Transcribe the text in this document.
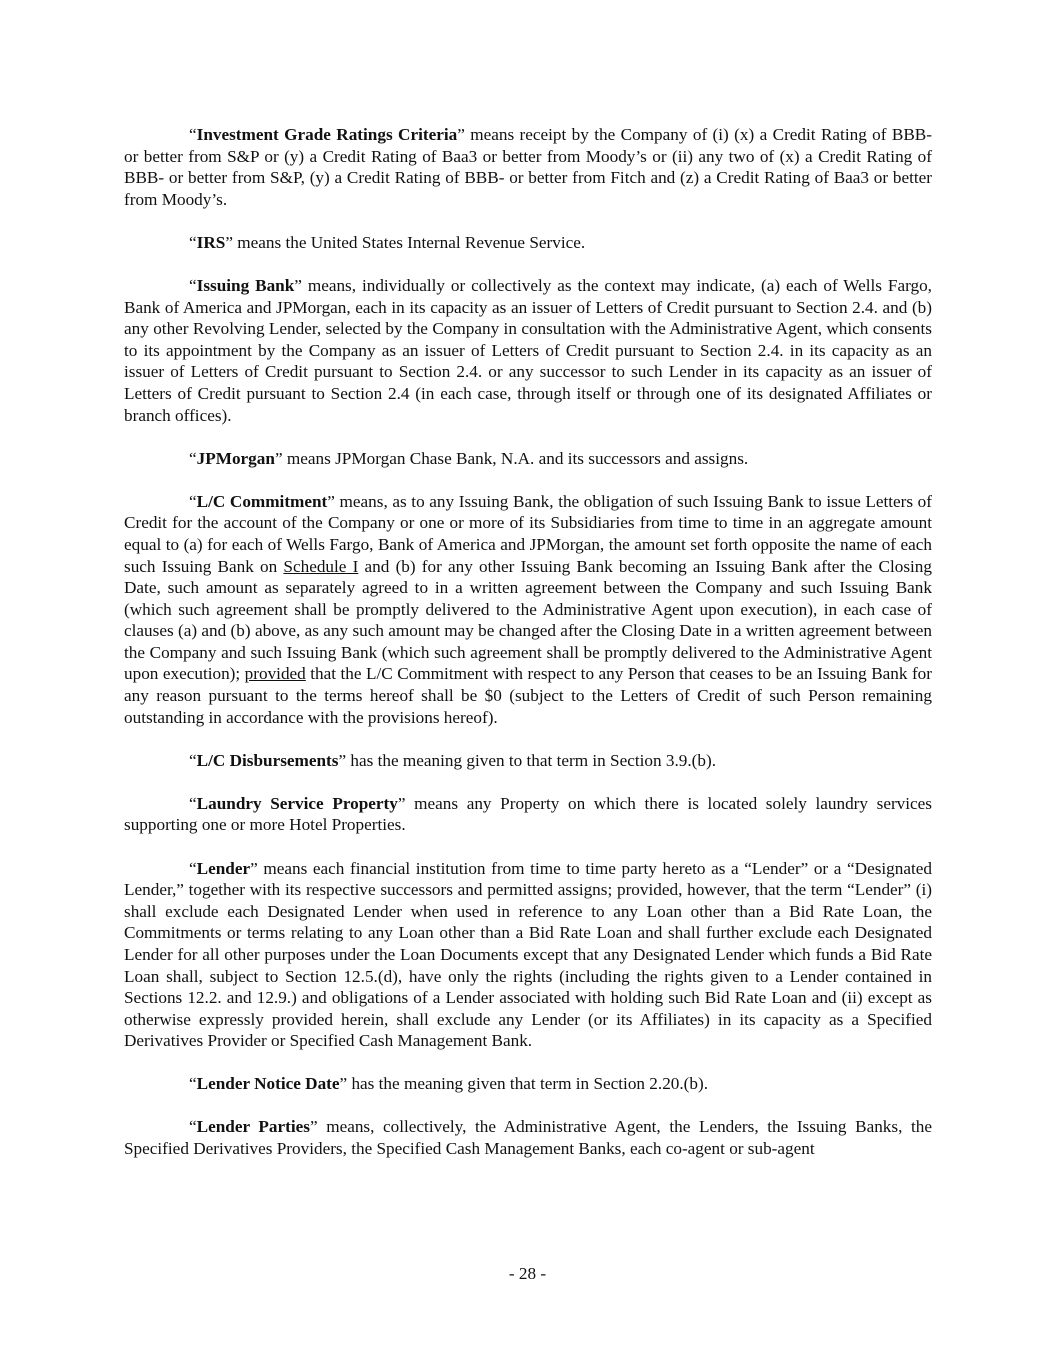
“Investment Grade Ratings Criteria” means receipt by the Company of (i) (x) a Credit Rating of BBB- or better from S&P or (y) a Credit Rating of Baa3 or better from Moody’s or (ii) any two of (x) a Credit Rating of BBB- or better from S&P, (y) a Credit Rating of BBB- or better from Fitch and (z) a Credit Rating of Baa3 or better from Moody’s.

“IRS” means the United States Internal Revenue Service.

“Issuing Bank” means, individually or collectively as the context may indicate, (a) each of Wells Fargo, Bank of America and JPMorgan, each in its capacity as an issuer of Letters of Credit pursuant to Section 2.4. and (b) any other Revolving Lender, selected by the Company in consultation with the Administrative Agent, which consents to its appointment by the Company as an issuer of Letters of Credit pursuant to Section 2.4. in its capacity as an issuer of Letters of Credit pursuant to Section 2.4. or any successor to such Lender in its capacity as an issuer of Letters of Credit pursuant to Section 2.4 (in each case, through itself or through one of its designated Affiliates or branch offices).

“JPMorgan” means JPMorgan Chase Bank, N.A. and its successors and assigns.

“L/C Commitment” means, as to any Issuing Bank, the obligation of such Issuing Bank to issue Letters of Credit for the account of the Company or one or more of its Subsidiaries from time to time in an aggregate amount equal to (a) for each of Wells Fargo, Bank of America and JPMorgan, the amount set forth opposite the name of each such Issuing Bank on Schedule I and (b) for any other Issuing Bank becoming an Issuing Bank after the Closing Date, such amount as separately agreed to in a written agreement between the Company and such Issuing Bank (which such agreement shall be promptly delivered to the Administrative Agent upon execution), in each case of clauses (a) and (b) above, as any such amount may be changed after the Closing Date in a written agreement between the Company and such Issuing Bank (which such agreement shall be promptly delivered to the Administrative Agent upon execution); provided that the L/C Commitment with respect to any Person that ceases to be an Issuing Bank for any reason pursuant to the terms hereof shall be $0 (subject to the Letters of Credit of such Person remaining outstanding in accordance with the provisions hereof).

“L/C Disbursements” has the meaning given to that term in Section 3.9.(b).

“Laundry Service Property” means any Property on which there is located solely laundry services supporting one or more Hotel Properties.

“Lender” means each financial institution from time to time party hereto as a “Lender” or a “Designated Lender,” together with its respective successors and permitted assigns; provided, however, that the term “Lender” (i) shall exclude each Designated Lender when used in reference to any Loan other than a Bid Rate Loan, the Commitments or terms relating to any Loan other than a Bid Rate Loan and shall further exclude each Designated Lender for all other purposes under the Loan Documents except that any Designated Lender which funds a Bid Rate Loan shall, subject to Section 12.5.(d), have only the rights (including the rights given to a Lender contained in Sections 12.2. and 12.9.) and obligations of a Lender associated with holding such Bid Rate Loan and (ii) except as otherwise expressly provided herein, shall exclude any Lender (or its Affiliates) in its capacity as a Specified Derivatives Provider or Specified Cash Management Bank.

“Lender Notice Date” has the meaning given that term in Section 2.20.(b).

“Lender Parties” means, collectively, the Administrative Agent, the Lenders, the Issuing Banks, the Specified Derivatives Providers, the Specified Cash Management Banks, each co-agent or sub-agent

- 28 -
